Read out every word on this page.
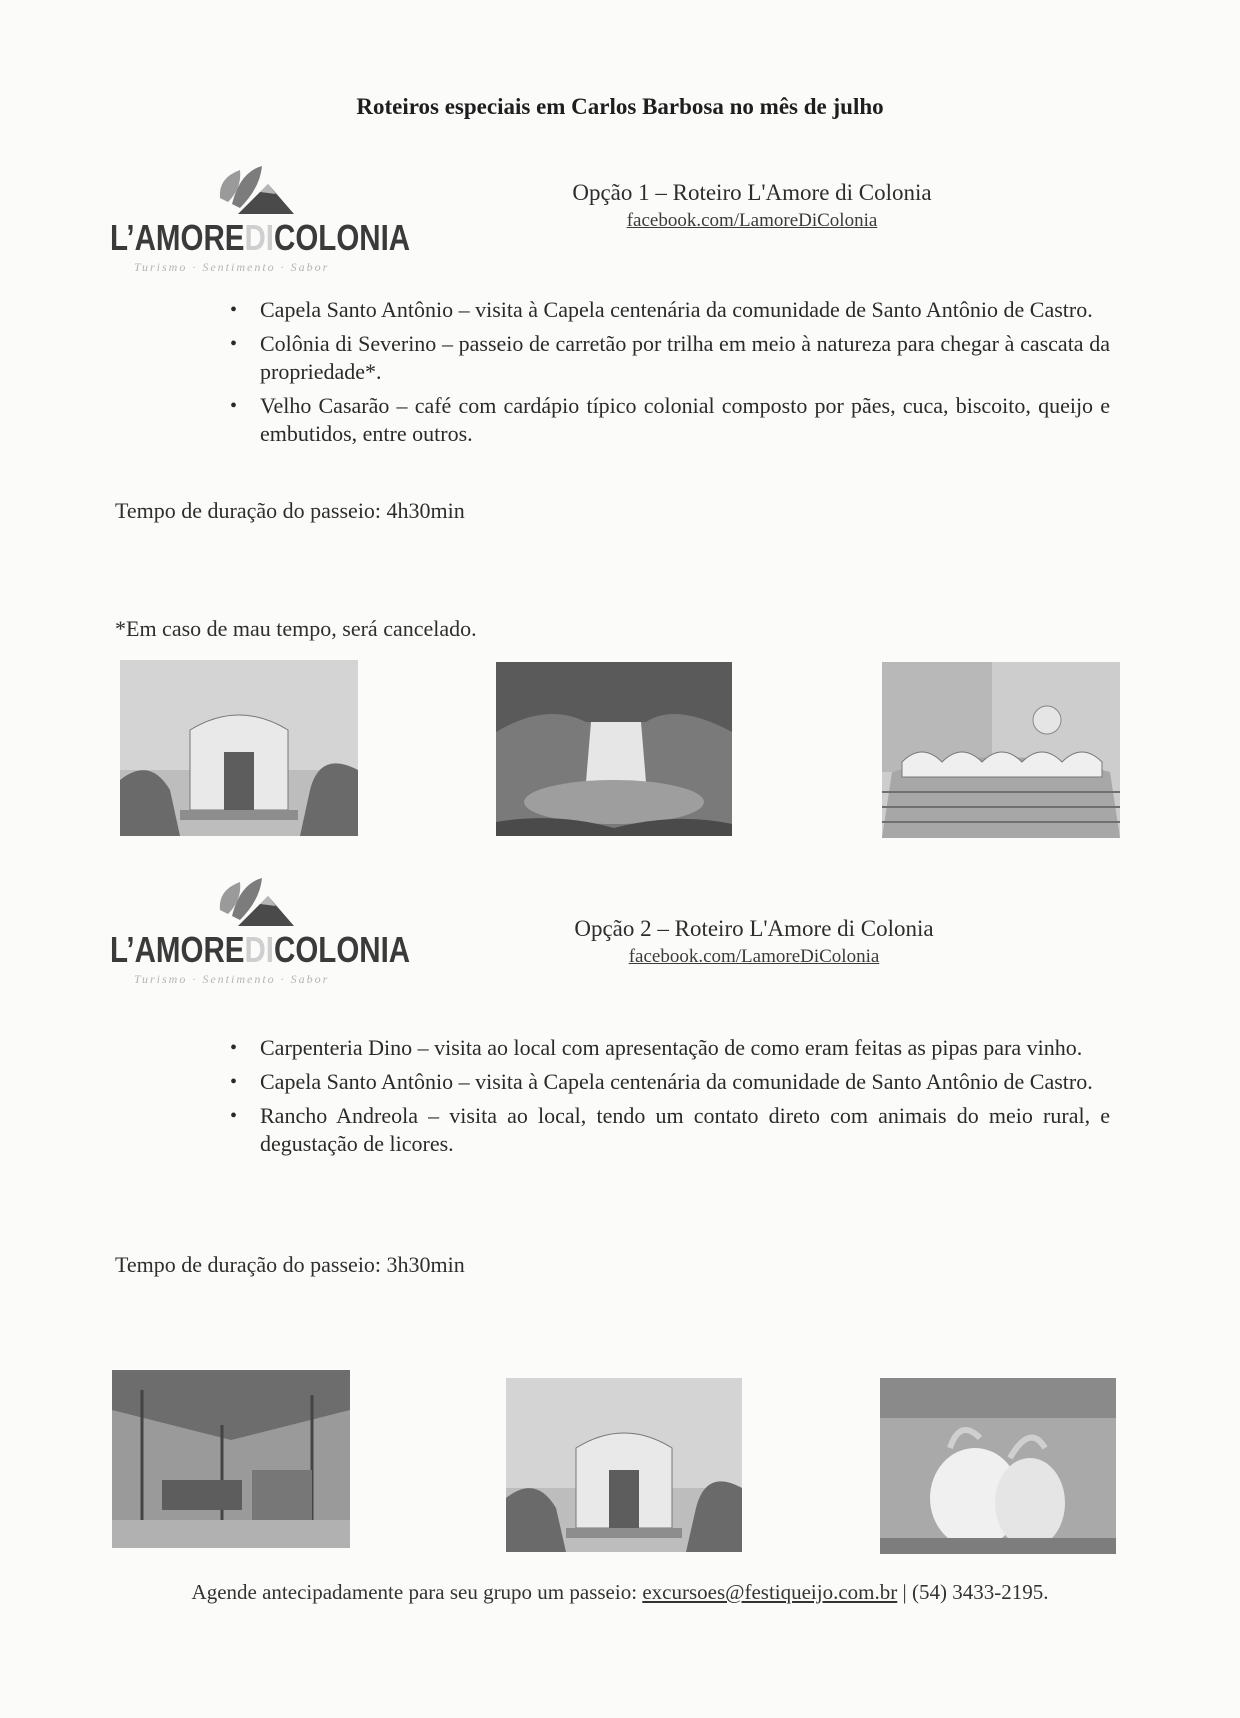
Roteiros especiais em Carlos Barbosa no mês de julho
L’AMOREDICOLONIA
Turismo · Sentimento · Sabor
Opção 1 – Roteiro L'Amore di Colonia
facebook.com/LamoreDiColonia
• Capela Santo Antônio – visita à Capela centenária da comunidade de Santo Antônio de Castro.
• Colônia di Severino – passeio de carretão por trilha em meio à natureza para chegar à cascata da propriedade*.
• Velho Casarão – café com cardápio típico colonial composto por pães, cuca, biscoito, queijo e embutidos, entre outros.
Tempo de duração do passeio: 4h30min
*Em caso de mau tempo, será cancelado.
L’AMOREDICOLONIA
Turismo · Sentimento · Sabor
Opção 2 – Roteiro L'Amore di Colonia
facebook.com/LamoreDiColonia
• Carpenteria Dino – visita ao local com apresentação de como eram feitas as pipas para vinho.
• Capela Santo Antônio – visita à Capela centenária da comunidade de Santo Antônio de Castro.
• Rancho Andreola – visita ao local, tendo um contato direto com animais do meio rural, e degustação de licores.
Tempo de duração do passeio: 3h30min
Agende antecipadamente para seu grupo um passeio: excursoes@festiqueijo.com.br | (54) 3433-2195.
